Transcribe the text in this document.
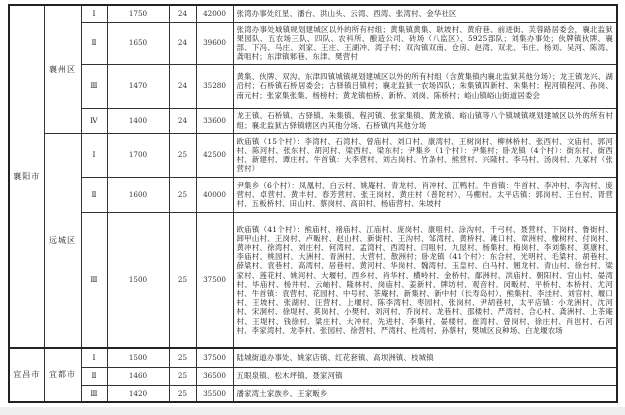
襄阳市	襄州区	Ⅰ	1750	24	42000	张湾办事处红星、潘台、洪山头、云湾、西湾、张湾村、金华社区
		Ⅱ	1650	24	39600	张湾办事处城镇规划建城区以外的所有村组；黄集镇黄集、耿坡村、黄府巷、前进街、芙蓉路居委会，襄北监狱果园队、五农场三队、四队、农科所、酿造公司、砖场（八监区）、5925部队；刘集办事处；伙牌镇伙牌、襄部、下冯、马庄、刘家、王庄、王湖冲、湾子村；双沟镇双南、仓房、赵湾、双北、韦庄、杨刘、吴河、陈湾、龚咀村；东津镇邾巷、东津、樊营村
		Ⅲ	1470	24	35280	黄集、伙牌、双沟、东津四镇城镇规划建城区以外的所有村组（含黄集镇内襄北监狱其他分场）；龙王镇龙兴、湖沿村；石桥镇石桥居委会；古驿镇吕镇村；襄北监狱一农场四队；朱集镇四新村、朱集村；程河镇程河、孙岗、南元村；张家集张集、杨榜村；黄龙镇柏桥、新桥、刘岗、陈桥村；峪山镇峪山街道居委会
		Ⅳ	1400	24	33600	龙王镇、石桥镇、古驿镇、朱集镇、程河镇、张家集镇、黄龙镇、峪山镇等八个镇城镇规划建城区以外的所有村组；襄北监狱古驿镇辖区内其他分场、石桥镇内其他分场
	远城区	Ⅰ	1700	25	42500	欧庙镇（15个村）：李湾村、石湾村、曾庙村、刘口村、康湾村、王树岗村、柳林桥村、张西村、文庙村、郭河村、陈河村、张东村、胡河村、梁西村、梁东村；尹集乡（1个村）：尹集村；卧龙镇（4个村）：街东村、街西村、新建村、谭庄村。牛首镇：大李营村、刘古岗村、竹条村、熊营村、兴隆村、李马村、汤岗村、九冢村（张营村）
		Ⅱ	1600	25	40000	尹集乡（6个村）：凤凰村、白云村、姚庵村、青龙村、肖冲村、江鸭村。牛首镇：牛首村、李冲村、李沟村、庞营村、卓营村、黄丰村、春芳营村、张王岗村、黄庄村（普陀村）、马棚村。太平店镇：郭岗村、王台村、胥营村、五板桥村、田山村、蔡岗村、高田村、杨庙营村、朱坡村
		Ⅲ	1500	25	37500	欧庙镇（41个村）：熊庙村、褚庙村、江庙村、庞岗村、康咀村、涂沟村、千弓村、聂营村、下岗村、鲁街村、卸甲山村、王岗村、卢畈村、赵山村、新街村、王沟村、邹湾村、黄桥村、滩口村、章洲村、橡树村、付岗村、黄冲村、徐湾村、刘庄村、何湾村、孟湾村、西湾村、闫咀村、九屋村、杨集村、梅岗村、李刘集村、莫康村、李庙村、桃园村、大洲村、青洲村、大营村、散洲村；卧龙镇（41个村）：东合村、光明村、毛粱村、胡巷村、薛粱村、袁巷村、高湾村、居巷村、黄河村、华岗村、魏湾村、玉皇村、白马村、翘龙村、青山村、徐台村、梁家村、莲花村、姚河村、大堰村、西乡村、肖华村、横岭村、金桥村、鄢洲村、洪庙村、朝阳村、官山村、晏湾村、毕庙村、杨井村、云岫村、隆林村、岗庙村、姜新村、牌坊村、观音村、闵畈村、平桥村、本桥村、尤河村、牛首镇：袁营村、花园村、中号村、茶庵村、新集村、新中村（长寿岛村）、熊集村、李洼村、刘官村、堰口村、王坡村、张湖村、汪营村、上堰村、陈李湾村、枣园村、张岗村、尹胡巷村，太平店镇：小龙洲村、沈河村、宋洞村、徐堤村、莫岗村、小樊村、刘河村、乔岗村、龙巷村、邵楼村、严湾村、合心村、龚洲村、上茶庵村、王堤村、钱徐村、粱庄村、大冲村、先进村、李集村、晏楼村、崔湾村、曾岗村、徐庄村、肖岜村、石河村、李家湾村、龙李村、张园村、徐营村、严湾村、杜湾村、孙蔡村，樊城区良种场、白龙堰农场
宜昌市	宜都市	Ⅰ	1500	25	37500	陆城街道办事处、姚家店镇、红花套镇、高坝洲镇、枝城镇
		Ⅱ	1460	25	36500	五眼泉镇、松木坪镇、聂家河镇
		Ⅲ	1420	25	35500	潘家湾土家族乡、王家畈乡
